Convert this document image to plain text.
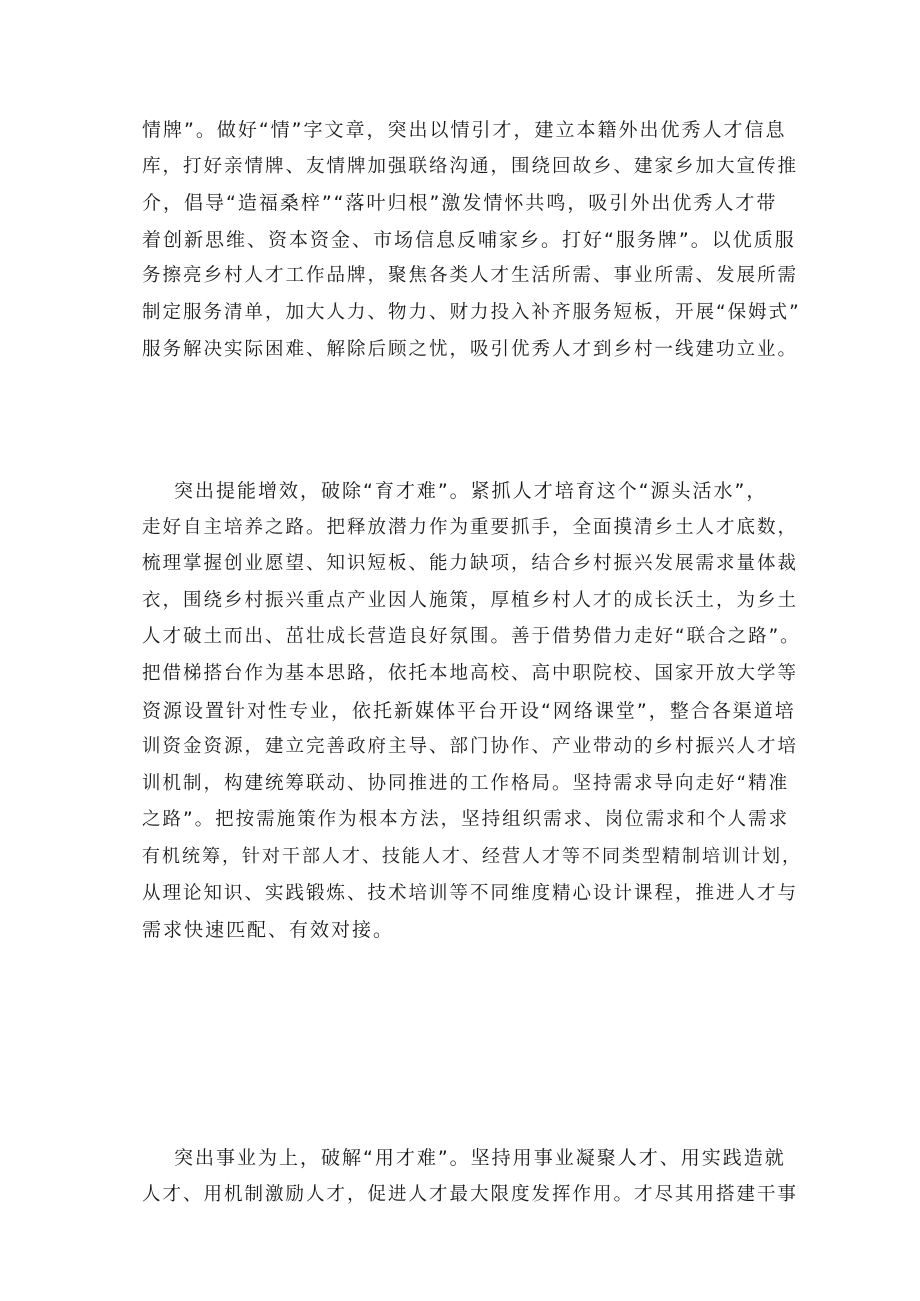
情牌”。做好“情”字文章，突出以情引才，建立本籍外出优秀人才信息
库，打好亲情牌、友情牌加强联络沟通，围绕回故乡、建家乡加大宣传推
介，倡导“造福桑梓”“落叶归根”激发情怀共鸣，吸引外出优秀人才带
着创新思维、资本资金、市场信息反哺家乡。打好“服务牌”。以优质服
务擦亮乡村人才工作品牌，聚焦各类人才生活所需、事业所需、发展所需
制定服务清单，加大人力、物力、财力投入补齐服务短板，开展“保姆式”
服务解决实际困难、解除后顾之忧，吸引优秀人才到乡村一线建功立业。
突出提能增效，破除“育才难”。紧抓人才培育这个“源头活水”，
走好自主培养之路。把释放潜力作为重要抓手，全面摸清乡土人才底数，
梳理掌握创业愿望、知识短板、能力缺项，结合乡村振兴发展需求量体裁
衣，围绕乡村振兴重点产业因人施策，厚植乡村人才的成长沃土，为乡土
人才破土而出、茁壮成长营造良好氛围。善于借势借力走好“联合之路”。
把借梯搭台作为基本思路，依托本地高校、高中职院校、国家开放大学等
资源设置针对性专业，依托新媒体平台开设“网络课堂”，整合各渠道培
训资金资源，建立完善政府主导、部门协作、产业带动的乡村振兴人才培
训机制，构建统筹联动、协同推进的工作格局。坚持需求导向走好“精准
之路”。把按需施策作为根本方法，坚持组织需求、岗位需求和个人需求
有机统筹，针对干部人才、技能人才、经营人才等不同类型精制培训计划，
从理论知识、实践锻炼、技术培训等不同维度精心设计课程，推进人才与
需求快速匹配、有效对接。
突出事业为上，破解“用才难”。坚持用事业凝聚人才、用实践造就
人才、用机制激励人才，促进人才最大限度发挥作用。才尽其用搭建干事
